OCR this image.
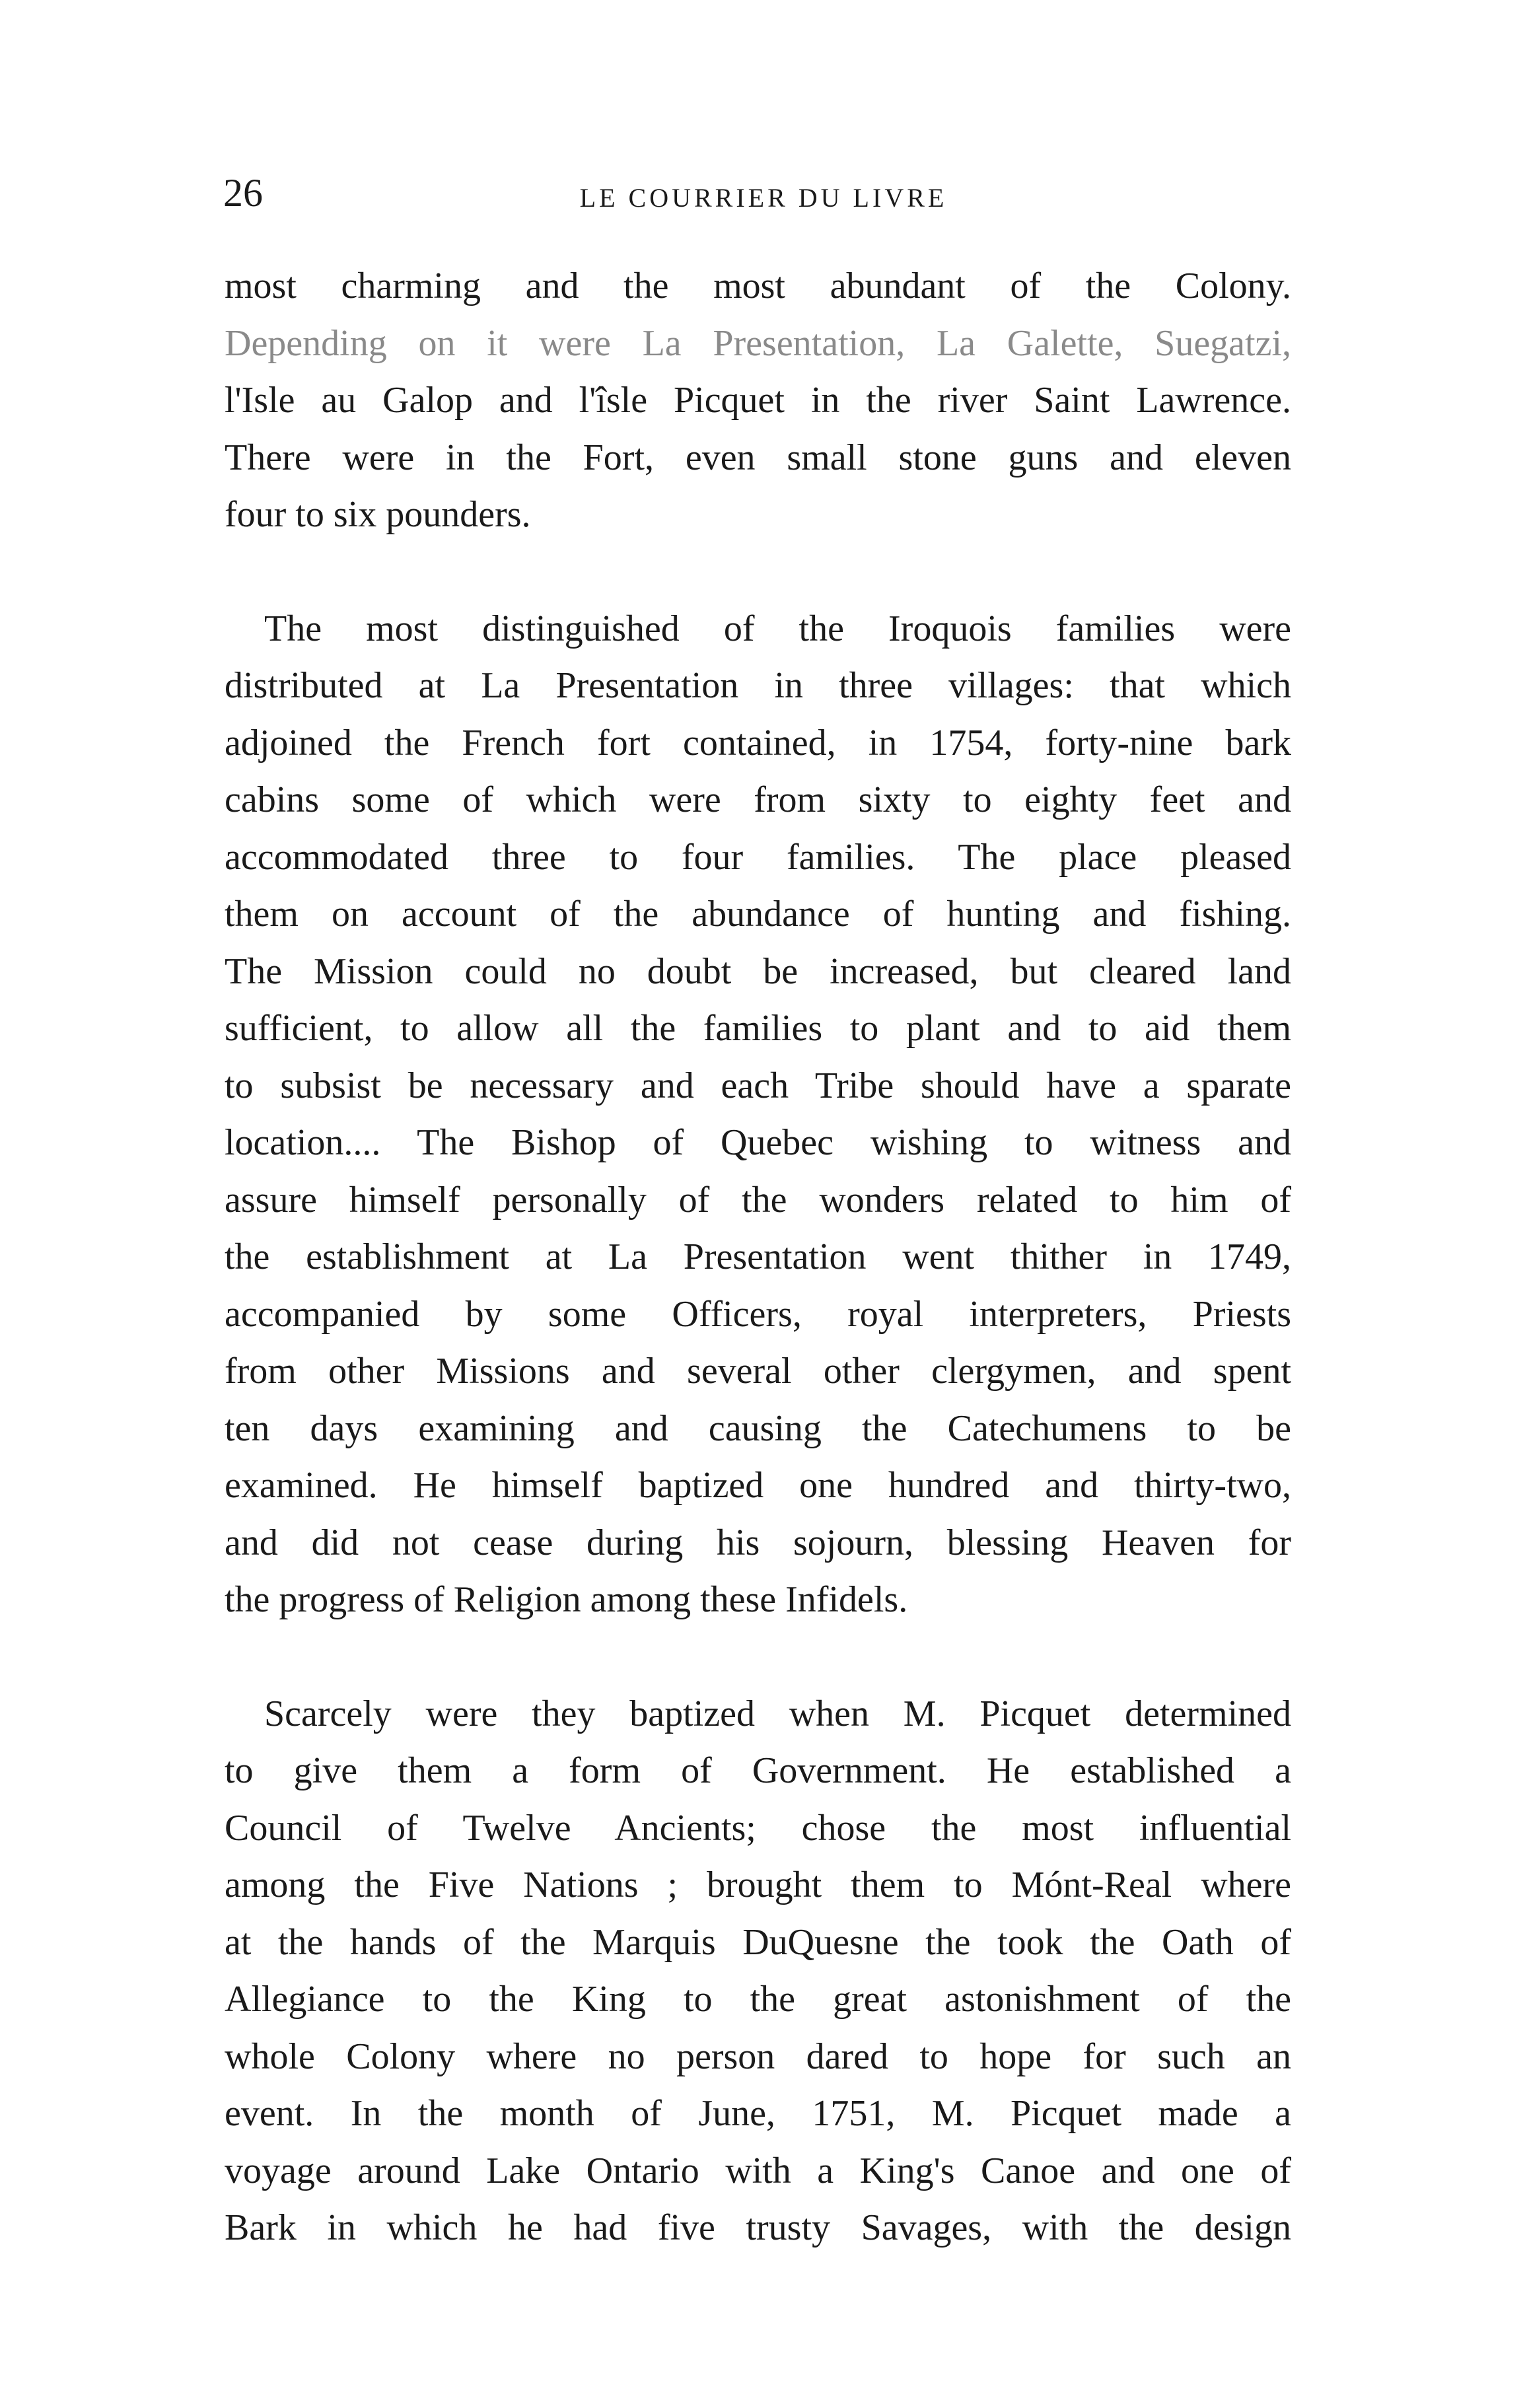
26	LE COURRIER DU LIVRE
most charming and the most abundant of the Colony.
Depending on it were La Presentation, La Galette, Suegatzi,
l'Isle au Galop and l'îsle Picquet in the river Saint Lawrence.
There were in the Fort, even small stone guns and eleven
four to six pounders.
The most distinguished of the Iroquois families were
distributed at La Presentation in three villages: that which
adjoined the French fort contained, in 1754, forty-nine bark
cabins some of which were from sixty to eighty feet and
accommodated three to four families. The place pleased
them on account of the abundance of hunting and fishing.
The Mission could no doubt be increased, but cleared land
sufficient, to allow all the families to plant and to aid them
to subsist be necessary and each Tribe should have a sparate
location.... The Bishop of Quebec wishing to witness and
assure himself personally of the wonders related to him of
the establishment at La Presentation went thither in 1749,
accompanied by some Officers, royal interpreters, Priests
from other Missions and several other clergymen, and spent
ten days examining and causing the Catechumens to be
examined. He himself baptized one hundred and thirty-two,
and did not cease during his sojourn, blessing Heaven for
the progress of Religion among these Infidels.
Scarcely were they baptized when M. Picquet determined
to give them a form of Government. He established a
Council of Twelve Ancients; chose the most influential
among the Five Nations ; brought them to Mónt-Real where
at the hands of the Marquis DuQuesne the took the Oath of
Allegiance to the King to the great astonishment of the
whole Colony where no person dared to hope for such an
event. In the month of June, 1751, M. Picquet made a
voyage around Lake Ontario with a King's Canoe and one of
Bark in which he had five trusty Savages, with the design
